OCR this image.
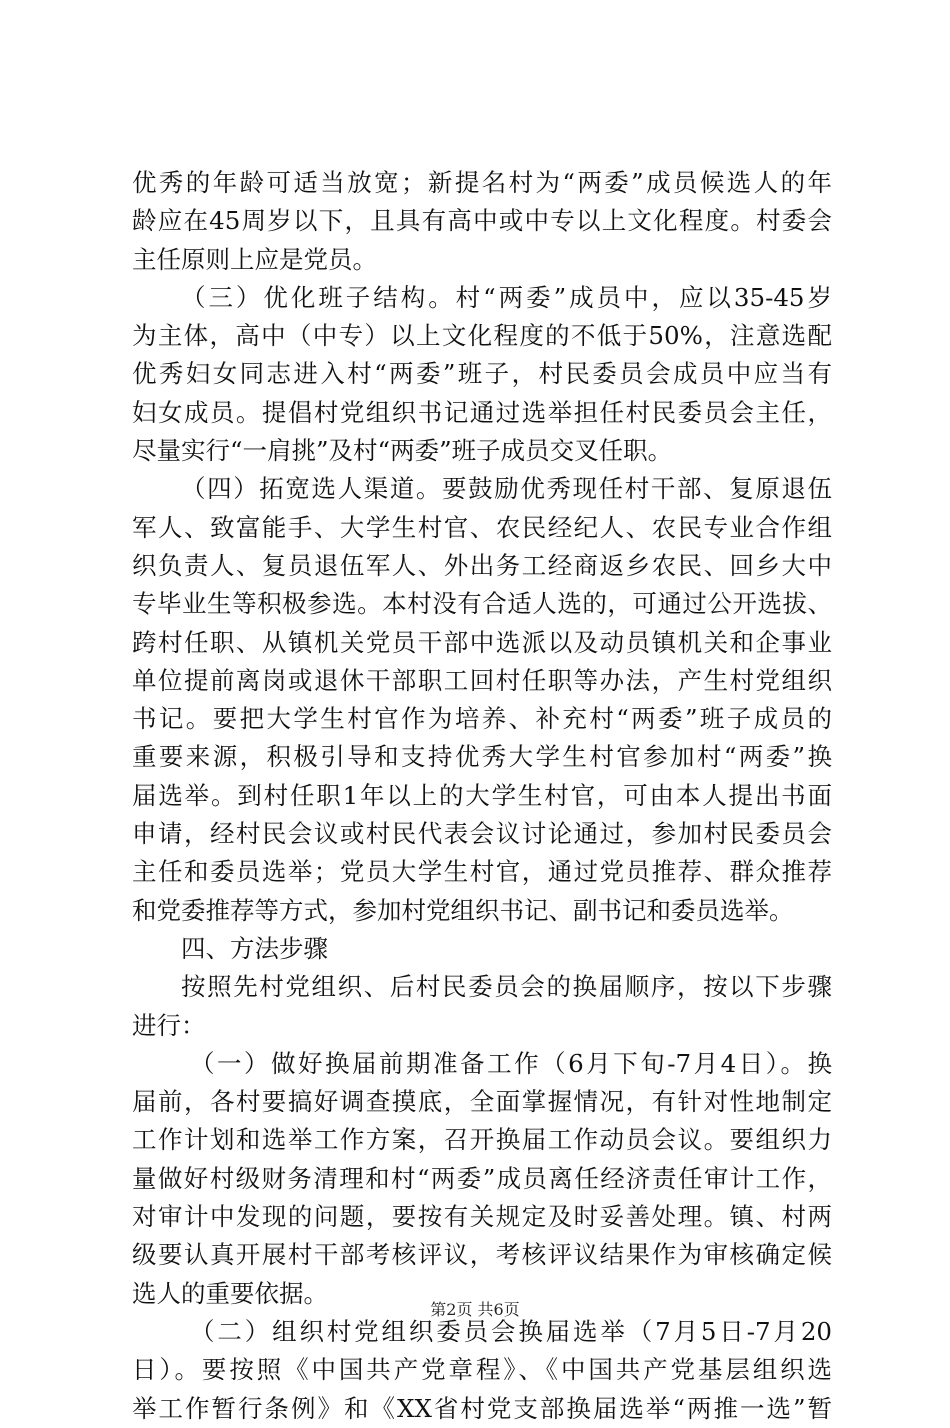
优秀的年龄可适当放宽；新提名村为“两委”成员候选人的年
龄应在45周岁以下，且具有高中或中专以上文化程度。村委会
主任原则上应是党员。
（三）优化班子结构。村“两委”成员中，应以35-45岁
为主体，高中（中专）以上文化程度的不低于50%，注意选配
优秀妇女同志进入村“两委”班子，村民委员会成员中应当有
妇女成员。提倡村党组织书记通过选举担任村民委员会主任，
尽量实行“一肩挑”及村“两委”班子成员交叉任职。
（四）拓宽选人渠道。要鼓励优秀现任村干部、复原退伍
军人、致富能手、大学生村官、农民经纪人、农民专业合作组
织负责人、复员退伍军人、外出务工经商返乡农民、回乡大中
专毕业生等积极参选。本村没有合适人选的，可通过公开选拔、
跨村任职、从镇机关党员干部中选派以及动员镇机关和企事业
单位提前离岗或退休干部职工回村任职等办法，产生村党组织
书记。要把大学生村官作为培养、补充村“两委”班子成员的
重要来源，积极引导和支持优秀大学生村官参加村“两委”换
届选举。到村任职1年以上的大学生村官，可由本人提出书面
申请，经村民会议或村民代表会议讨论通过，参加村民委员会
主任和委员选举；党员大学生村官，通过党员推荐、群众推荐
和党委推荐等方式，参加村党组织书记、副书记和委员选举。
四、方法步骤
按照先村党组织、后村民委员会的换届顺序，按以下步骤
进行：
（一）做好换届前期准备工作（6月下旬-7月4日）。换
届前，各村要搞好调查摸底，全面掌握情况，有针对性地制定
工作计划和选举工作方案，召开换届工作动员会议。要组织力
量做好村级财务清理和村“两委”成员离任经济责任审计工作，
对审计中发现的问题，要按有关规定及时妥善处理。镇、村两
级要认真开展村干部考核评议，考核评议结果作为审核确定候
选人的重要依据。
（二）组织村党组织委员会换届选举（7月5日-7月20
日）。要按照《中国共产党章程》、《中国共产党基层组织选
举工作暂行条例》和《XX省村党支部换届选举“两推一选”暂
第2页 共6页
